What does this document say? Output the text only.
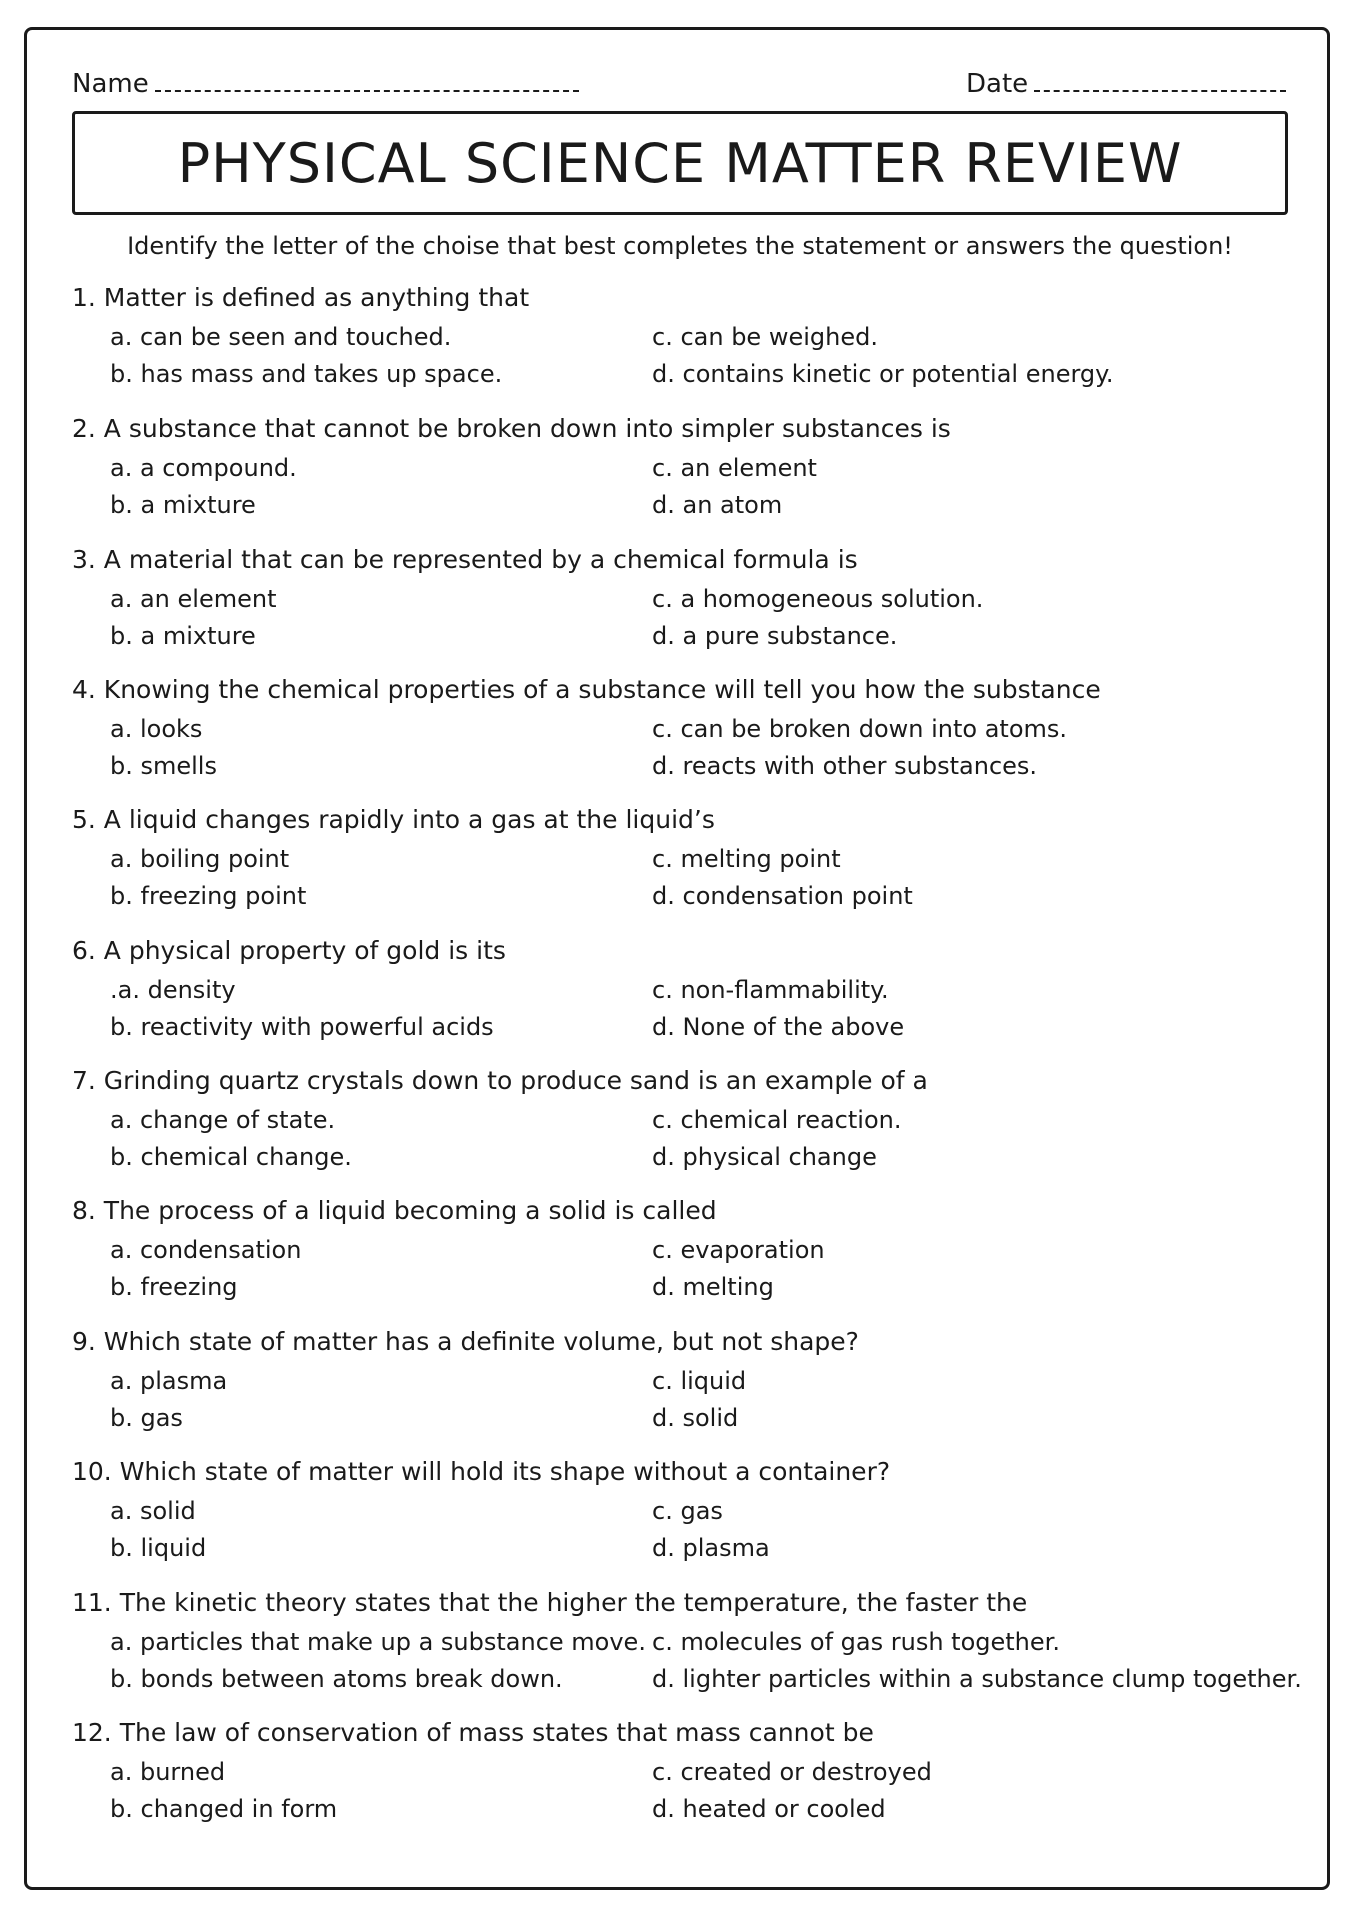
Name	Date
PHYSICAL SCIENCE MATTER REVIEW
Identify the letter of the choise that best completes the statement or answers the question!
1. Matter is defined as anything that
a. can be seen and touched.
b. has mass and takes up space.
c. can be weighed.
d. contains kinetic or potential energy.
2. A substance that cannot be broken down into simpler substances is
a. a compound.
b. a mixture
c. an element
d. an atom
3. A material that can be represented by a chemical formula is
a. an element
b. a mixture
c. a homogeneous solution.
d. a pure substance.
4. Knowing the chemical properties of a substance will tell you how the substance
a. looks
b. smells
c. can be broken down into atoms.
d. reacts with other substances.
5. A liquid changes rapidly into a gas at the liquid’s
a. boiling point
b. freezing point
c. melting point
d. condensation point
6. A physical property of gold is its
.a. density
b. reactivity with powerful acids
c. non-flammability.
d. None of the above
7. Grinding quartz crystals down to produce sand is an example of a
a. change of state.
b. chemical change.
c. chemical reaction.
d. physical change
8. The process of a liquid becoming a solid is called
a. condensation
b. freezing
c. evaporation
d. melting
9. Which state of matter has a definite volume, but not shape?
a. plasma
b. gas
c. liquid
d. solid
10. Which state of matter will hold its shape without a container?
a. solid
b. liquid
c. gas
d. plasma
11. The kinetic theory states that the higher the temperature, the faster the
a. particles that make up a substance move.
b. bonds between atoms break down.
c. molecules of gas rush together.
d. lighter particles within a substance clump together.
12. The law of conservation of mass states that mass cannot be
a. burned
b. changed in form
c. created or destroyed
d. heated or cooled
